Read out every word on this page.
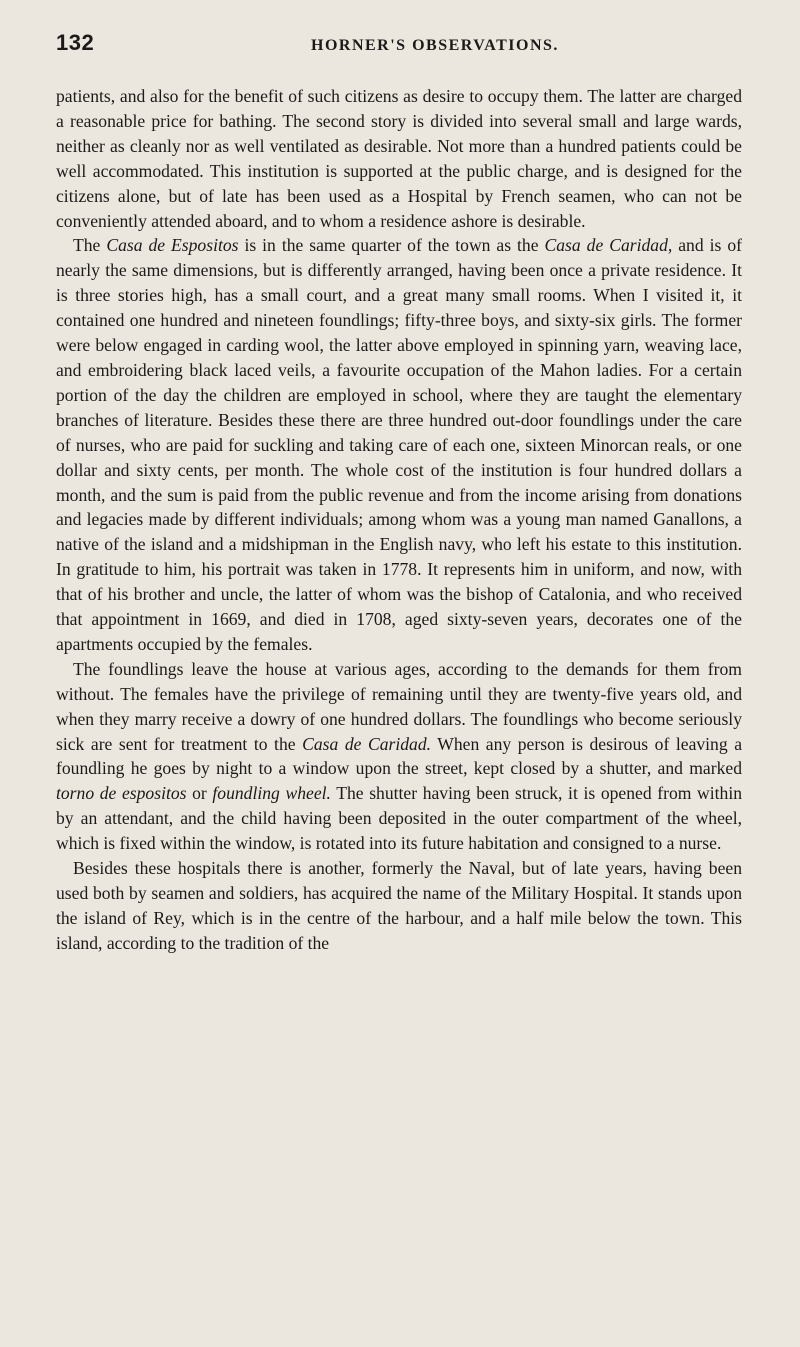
132	HORNER'S OBSERVATIONS.

patients, and also for the benefit of such citizens as desire to occupy them. The latter are charged a reasonable price for bathing. The second story is divided into several small and large wards, neither as cleanly nor as well ventilated as desirable. Not more than a hundred patients could be well accommodated. This institution is supported at the public charge, and is designed for the citizens alone, but of late has been used as a Hospital by French seamen, who can not be conveniently attended aboard, and to whom a residence ashore is desirable.

The Casa de Espositos is in the same quarter of the town as the Casa de Caridad, and is of nearly the same dimensions, but is differently arranged, having been once a private residence. It is three stories high, has a small court, and a great many small rooms. When I visited it, it contained one hundred and nineteen foundlings; fifty-three boys, and sixty-six girls. The former were below engaged in carding wool, the latter above employed in spinning yarn, weaving lace, and embroidering black laced veils, a favourite occupation of the Mahon ladies. For a certain portion of the day the children are employed in school, where they are taught the elementary branches of literature. Besides these there are three hundred out-door foundlings under the care of nurses, who are paid for suckling and taking care of each one, sixteen Minorcan reals, or one dollar and sixty cents, per month. The whole cost of the institution is four hundred dollars a month, and the sum is paid from the public revenue and from the income arising from donations and legacies made by different individuals; among whom was a young man named Ganallons, a native of the island and a midshipman in the English navy, who left his estate to this institution. In gratitude to him, his portrait was taken in 1778. It represents him in uniform, and now, with that of his brother and uncle, the latter of whom was the bishop of Catalonia, and who received that appointment in 1669, and died in 1708, aged sixty-seven years, decorates one of the apartments occupied by the females.

The foundlings leave the house at various ages, according to the demands for them from without. The females have the privilege of remaining until they are twenty-five years old, and when they marry receive a dowry of one hundred dollars. The foundlings who become seriously sick are sent for treatment to the Casa de Caridad. When any person is desirous of leaving a foundling he goes by night to a window upon the street, kept closed by a shutter, and marked torno de espositos or foundling wheel. The shutter having been struck, it is opened from within by an attendant, and the child having been deposited in the outer compartment of the wheel, which is fixed within the window, is rotated into its future habitation and consigned to a nurse.

Besides these hospitals there is another, formerly the Naval, but of late years, having been used both by seamen and soldiers, has acquired the name of the Military Hospital. It stands upon the island of Rey, which is in the centre of the harbour, and a half mile below the town. This island, according to the tradition of the
